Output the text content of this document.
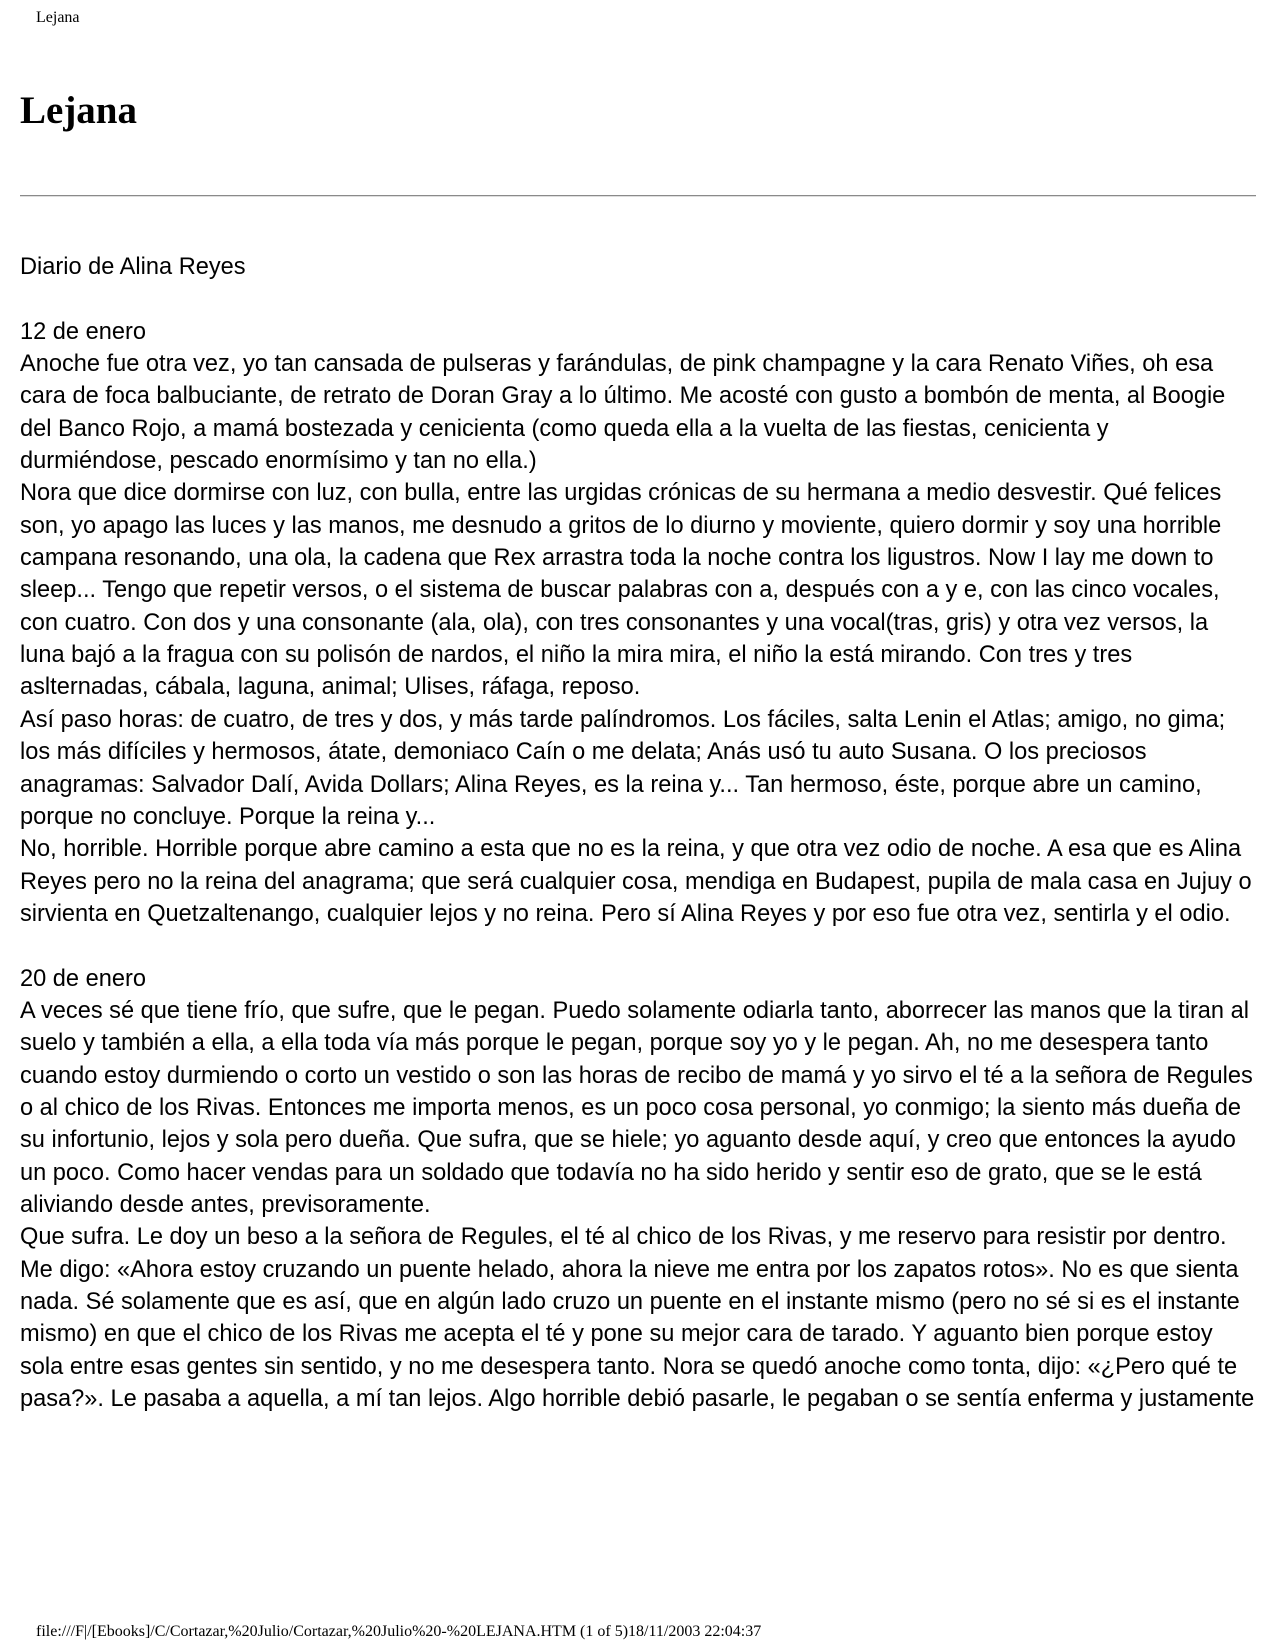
Lejana
Lejana

Diario de Alina Reyes

12 de enero

Anoche fue otra vez, yo tan cansada de pulseras y farándulas, de pink champagne y la cara Renato Viñes, oh esa cara de foca balbuciante, de retrato de Doran Gray a lo último. Me acosté con gusto a bombón de menta, al Boogie del Banco Rojo, a mamá bostezada y cenicienta (como queda ella a la vuelta de las fiestas, cenicienta y durmiéndose, pescado enormísimo y tan no ella.)

Nora que dice dormirse con luz, con bulla, entre las urgidas crónicas de su hermana a medio desvestir. Qué felices son, yo apago las luces y las manos, me desnudo a gritos de lo diurno y moviente, quiero dormir y soy una horrible campana resonando, una ola, la cadena que Rex arrastra toda la noche contra los ligustros. Now I lay me down to sleep... Tengo que repetir versos, o el sistema de buscar palabras con a, después con a y e, con las cinco vocales, con cuatro. Con dos y una consonante (ala, ola), con tres consonantes y una vocal(tras, gris) y otra vez versos, la luna bajó a la fragua con su polisón de nardos, el niño la mira mira, el niño la está mirando. Con tres y tres aslternadas, cábala, laguna, animal; Ulises, ráfaga, reposo.

Así paso horas: de cuatro, de tres y dos, y más tarde palíndromos. Los fáciles, salta Lenin el Atlas; amigo, no gima; los más difíciles y hermosos, átate, demoniaco Caín o me delata; Anás usó tu auto Susana. O los preciosos anagramas: Salvador Dalí, Avida Dollars; Alina Reyes, es la reina y... Tan hermoso, éste, porque abre un camino, porque no concluye. Porque la reina y...

No, horrible. Horrible porque abre camino a esta que no es la reina, y que otra vez odio de noche. A esa que es Alina Reyes pero no la reina del anagrama; que será cualquier cosa, mendiga en Budapest, pupila de mala casa en Jujuy o sirvienta en Quetzaltenango, cualquier lejos y no reina. Pero sí Alina Reyes y por eso fue otra vez, sentirla y el odio.

20 de enero

A veces sé que tiene frío, que sufre, que le pegan. Puedo solamente odiarla tanto, aborrecer las manos que la tiran al suelo y también a ella, a ella toda vía más porque le pegan, porque soy yo y le pegan. Ah, no me desespera tanto cuando estoy durmiendo o corto un vestido o son las horas de recibo de mamá y yo sirvo el té a la señora de Regules o al chico de los Rivas. Entonces me importa menos, es un poco cosa personal, yo conmigo; la siento más dueña de su infortunio, lejos y sola pero dueña. Que sufra, que se hiele; yo aguanto desde aquí, y creo que entonces la ayudo un poco. Como hacer vendas para un soldado que todavía no ha sido herido y sentir eso de grato, que se le está aliviando desde antes, previsoramente.

Que sufra. Le doy un beso a la señora de Regules, el té al chico de los Rivas, y me reservo para resistir por dentro. Me digo: «Ahora estoy cruzando un puente helado, ahora la nieve me entra por los zapatos rotos». No es que sienta nada. Sé solamente que es así, que en algún lado cruzo un puente en el instante mismo (pero no sé si es el instante mismo) en que el chico de los Rivas me acepta el té y pone su mejor cara de tarado. Y aguanto bien porque estoy sola entre esas gentes sin sentido, y no me desespera tanto. Nora se quedó anoche como tonta, dijo: «¿Pero qué te pasa?». Le pasaba a aquella, a mí tan lejos. Algo horrible debió pasarle, le pegaban o se sentía enferma y justamente

file:///F|/[Ebooks]/C/Cortazar,%20Julio/Cortazar,%20Julio%20-%20LEJANA.HTM (1 of 5)18/11/2003 22:04:37
